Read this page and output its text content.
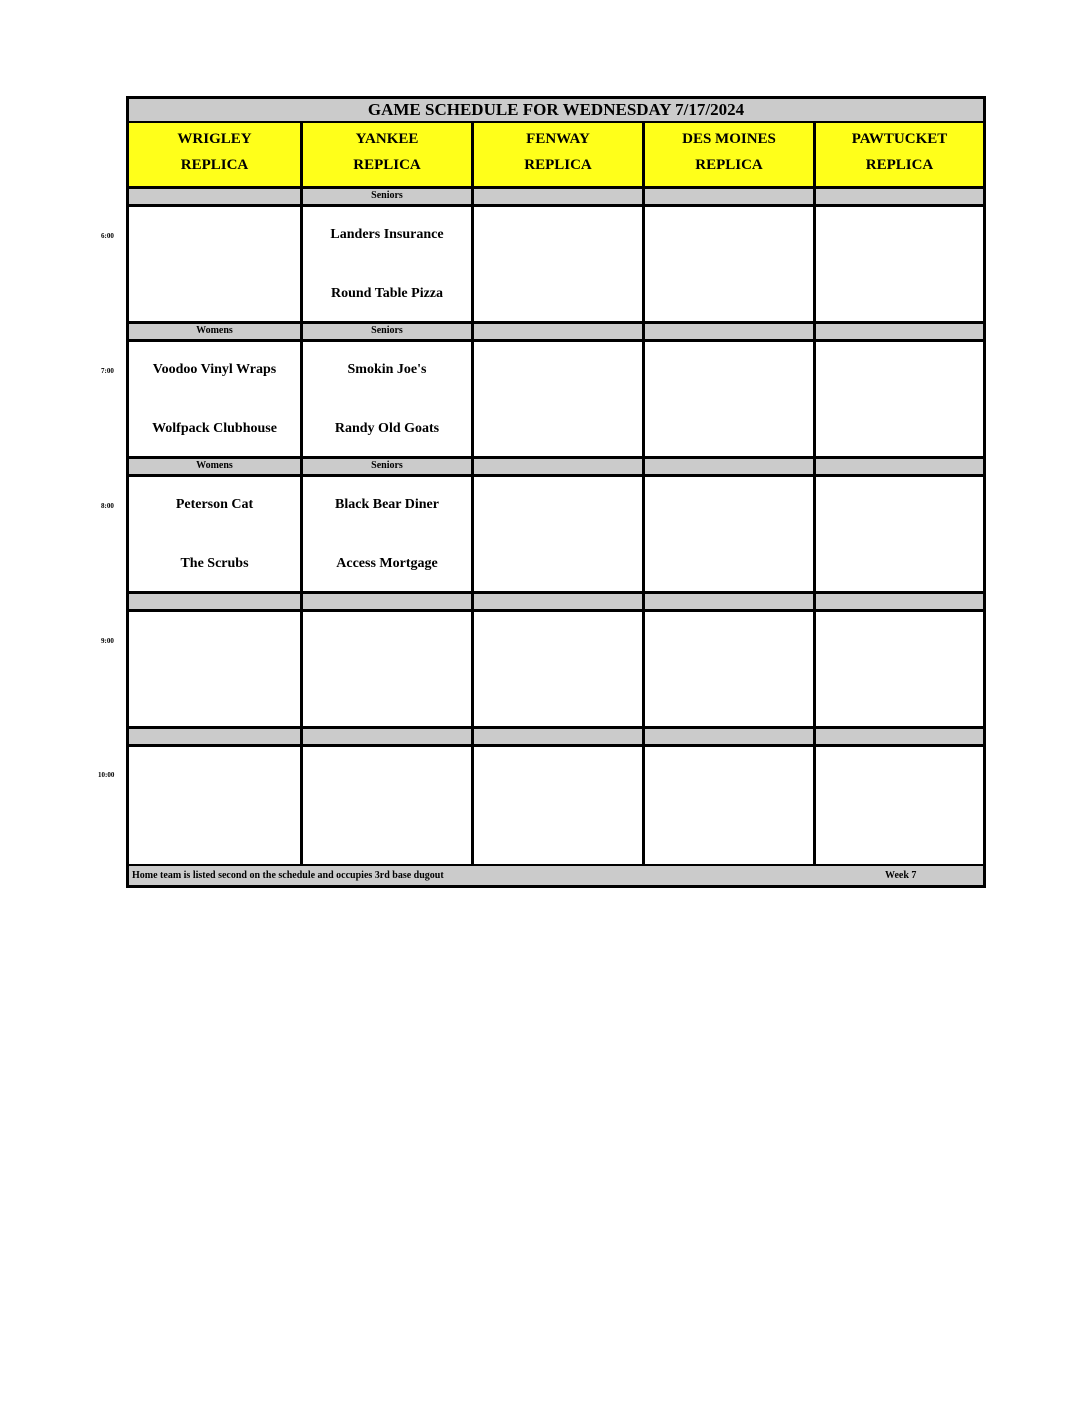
6:00
7:00
8:00
9:00
10:00
GAME SCHEDULE FOR WEDNESDAY 7/17/2024
WRIGLEY
REPLICA
Womens
Voodoo Vinyl Wraps
Wolfpack Clubhouse
Womens
Peterson Cat
The Scrubs
YANKEE
REPLICA
Seniors
Landers Insurance
Round Table Pizza
Seniors
Smokin Joe's
Randy Old Goats
Seniors
Black Bear Diner
Access Mortgage
FENWAY
REPLICA
DES MOINES
REPLICA
PAWTUCKET
REPLICA
Home team is listed second on the schedule and occupies 3rd base dugout	Week 7
